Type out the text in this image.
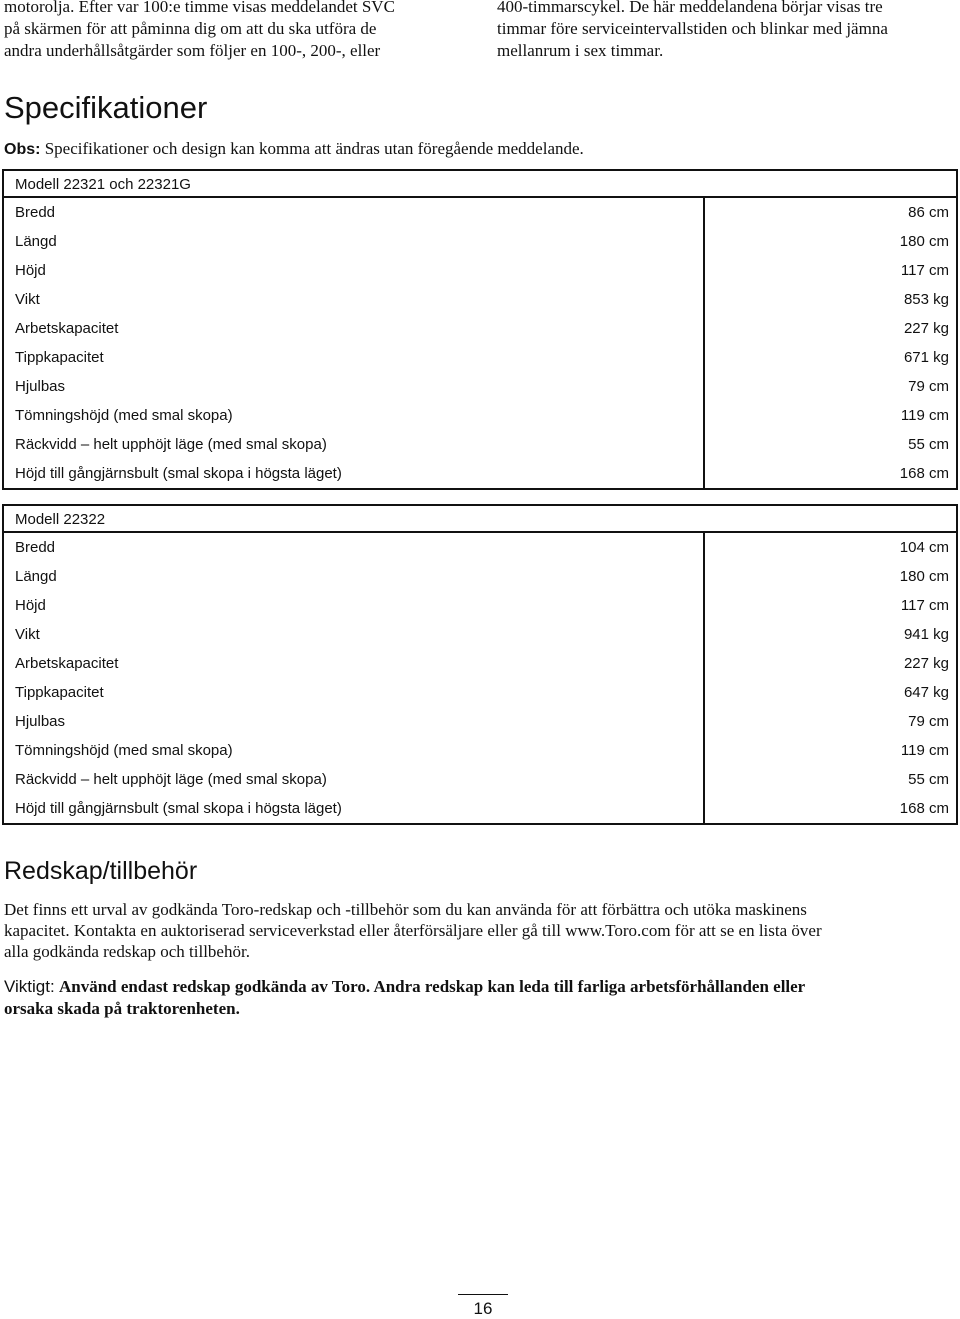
motorolja. Efter var 100:e timme visas meddelandet SVC
på skärmen för att påminna dig om att du ska utföra de
andra underhållsåtgärder som följer en 100-, 200-, eller
400-timmarscykel. De här meddelandena börjar visas tre
timmar före serviceintervallstiden och blinkar med jämna
mellanrum i sex timmar.
Specifikationer
Obs: Specifikationer och design kan komma att ändras utan föregående meddelande.
Modell 22321 och 22321G
Bredd
Längd
Höjd
Vikt
Arbetskapacitet
Tippkapacitet
Hjulbas
Tömningshöjd (med smal skopa)
Räckvidd – helt upphöjt läge (med smal skopa)
Höjd till gångjärnsbult (smal skopa i högsta läget)
86 cm
180 cm
117 cm
853 kg
227 kg
671 kg
79 cm
119 cm
55 cm
168 cm
Modell 22322
Bredd
Längd
Höjd
Vikt
Arbetskapacitet
Tippkapacitet
Hjulbas
Tömningshöjd (med smal skopa)
Räckvidd – helt upphöjt läge (med smal skopa)
Höjd till gångjärnsbult (smal skopa i högsta läget)
104 cm
180 cm
117 cm
941 kg
227 kg
647 kg
79 cm
119 cm
55 cm
168 cm
Redskap/tillbehör
Det finns ett urval av godkända Toro-redskap och -tillbehör som du kan använda för att förbättra och utöka maskinens
kapacitet. Kontakta en auktoriserad serviceverkstad eller återförsäljare eller gå till www.Toro.com för att se en lista över
alla godkända redskap och tillbehör.
Viktigt: Använd endast redskap godkända av Toro. Andra redskap kan leda till farliga arbetsförhållanden eller
orsaka skada på traktorenheten.
16
